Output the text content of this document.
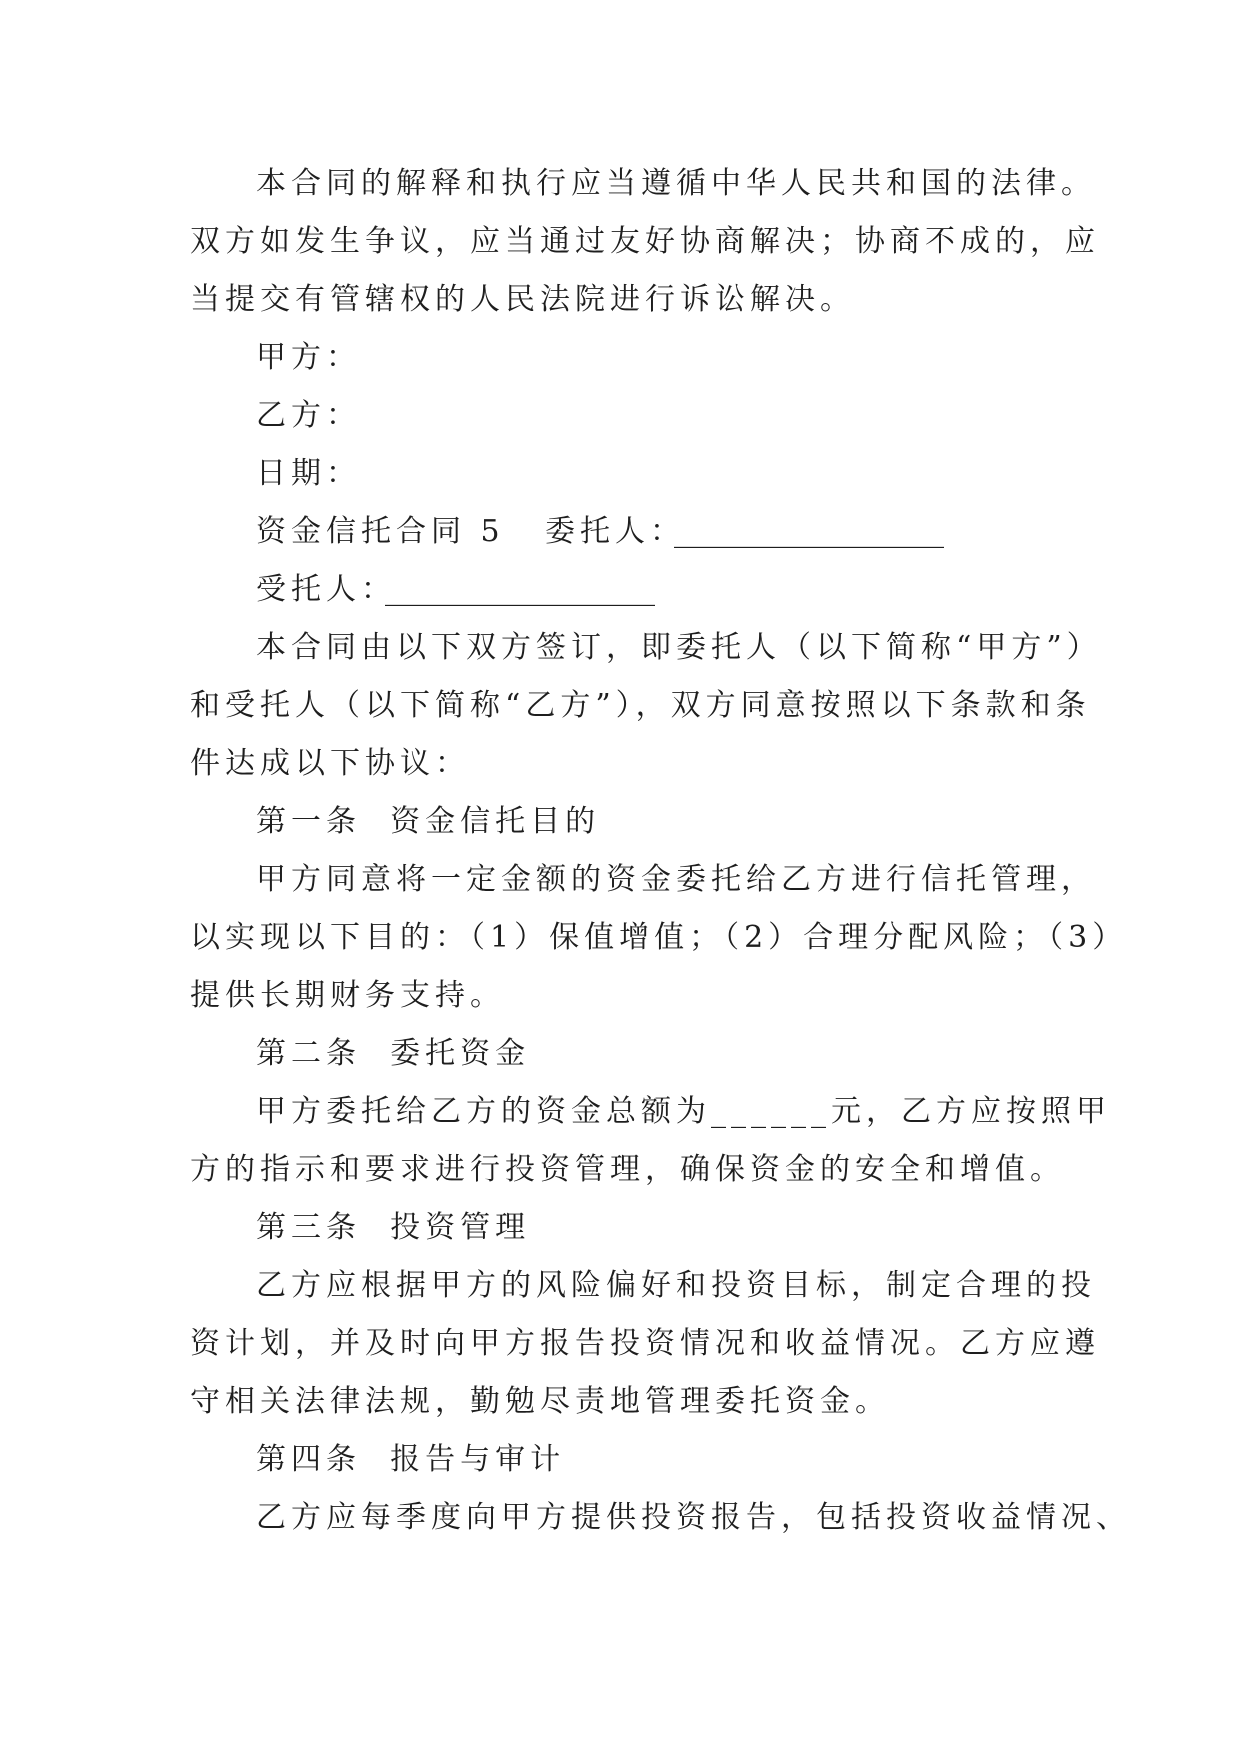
本合同的解释和执行应当遵循中华人民共和国的法律。
双方如发生争议，应当通过友好协商解决；协商不成的，应
当提交有管辖权的人民法院进行诉讼解决。
甲方：
乙方：
日期：
资金信托合同 5 委托人：
__________________
受托人：
__________________
本合同由以下双方签订，即委托人（以下简称“甲方”）
和受托人（以下简称“乙方”），双方同意按照以下条款和条
件达成以下协议：
第一条  资金信托目的
甲方同意将一定金额的资金委托给乙方进行信托管理，
以实现以下目的：（1）保值增值；（2）合理分配风险；（3）
提供长期财务支持。
第二条  委托资金
甲方委托给乙方的资金总额为______元，乙方应按照甲
方的指示和要求进行投资管理，确保资金的安全和增值。
第三条  投资管理
乙方应根据甲方的风险偏好和投资目标，制定合理的投
资计划，并及时向甲方报告投资情况和收益情况。乙方应遵
守相关法律法规，勤勉尽责地管理委托资金。
第四条  报告与审计
乙方应每季度向甲方提供投资报告，包括投资收益情况、
